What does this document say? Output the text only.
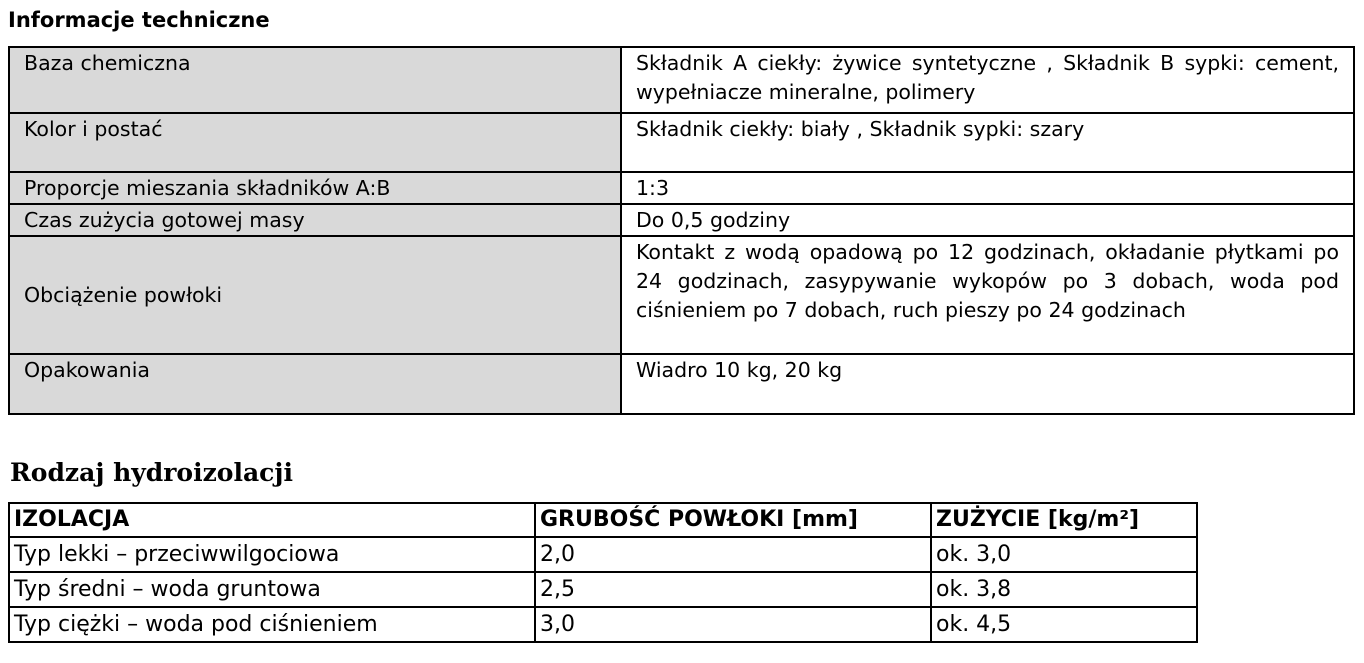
Informacje techniczne
Baza chemiczna	Składnik A ciekły: żywice syntetyczne , Składnik B sypki: cement, wypełniacze mineralne, polimery
Kolor i postać	Składnik ciekły: biały , Składnik sypki: szary
Proporcje mieszania składników A:B	1:3
Czas zużycia gotowej masy	Do 0,5 godziny
Obciążenie powłoki	Kontakt z wodą opadową po 12 godzinach, okładanie płytkami po 24 godzinach, zasypywanie wykopów po 3 dobach, woda pod ciśnieniem po 7 dobach, ruch pieszy po 24 godzinach
Opakowania	Wiadro 10 kg, 20 kg
Rodzaj hydroizolacji
IZOLACJA	GRUBOŚĆ POWŁOKI [mm]	ZUŻYCIE [kg/m²]
Typ lekki – przeciwwilgociowa	2,0	ok. 3,0
Typ średni – woda gruntowa	2,5	ok. 3,8
Typ ciężki – woda pod ciśnieniem	3,0	ok. 4,5
